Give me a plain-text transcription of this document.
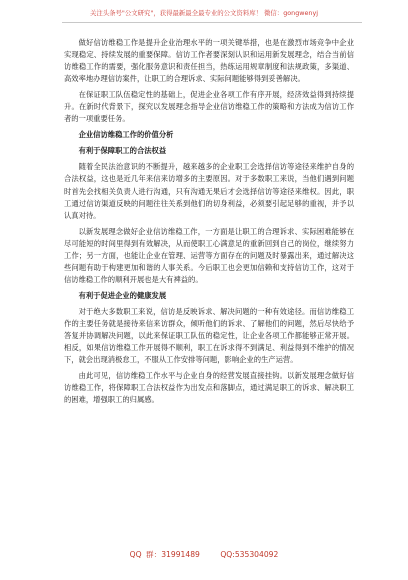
关注头条号"公文研究"，获得最新最全最专业的公文资料库！ 微信：gongwenyj

做好信访维稳工作是提升企业治理水平的一项关键举措，也是在激烈市场竞争中企业实现稳定、持续发展的重要保障。信访工作者要深刻认识和运用新发展理念，结合当前信访维稳工作的需要，强化服务意识和责任担当，热练运用规章制度和法规政策，多渠道、高效率地办理信访案件，让职工的合理诉求、实际问题能够得到妥善解决。

在保证职工队伍稳定性的基础上，促进企业各项工作有序开展，经济效益得到持续提升。在新时代背景下，探究以发展理念指导企业信访维稳工作的策略和方法成为信访工作者的一项重要任务。

企业信访维稳工作的价值分析
有利于保障职工的合法权益

随着全民法治意识的不断提升，越来越多的企业职工会选择信访等途径来维护自身的合法权益，这也是近几年来信来访增多的主要原因。对于多数职工来说，当他们遇到问题时首先会找相关负责人进行沟通，只有沟通无果后才会选择信访等途径来维权。因此，职工通过信访渠道反映的问题往往关系到他们的切身利益，必须要引起足够的重视，并予以认真对待。

以新发展理念做好企业信访维稳工作，一方面是让职工的合理诉求、实际困难能够在尽可能短的时间里得到有效解决，从而使职工心满意足的重新回到自己的岗位，继续努力工作；另一方面，也能让企业在管理、运营等方面存在的问题及时暴露出来，通过解决这些问题有助于构建更加和谐的人事关系。今后职工也会更加信赖和支持信访工作，这对于信访维稳工作的顺利开展也是大有裨益的。

有利于促进企业的健康发展

对于绝大多数职工来说，信访是反映诉求、解决问题的一种有效途径。而信访维稳工作的主要任务就是接待来信来访群众，倾听他们的诉求、了解他们的问题，然后尽快给予答复并协调解决问题，以此来保证职工队伍的稳定性，让企业各项工作都能够正常开展。相反，如果信访维稳工作开展得不顺利，职工在诉求得不到满足、利益得到不维护的情况下，就会出现消极怠工，不服从工作安排等问题，影响企业的生产运营。

由此可见，信访维稳工作水平与企业自身的经营发展直接挂钩。以新发展理念做好信访维稳工作，将保障职工合法权益作为出发点和落脚点，通过满足职工的诉求、解决职工的困难，增强职工的归属感。

QQ 群：31991489	QQ:535304092
